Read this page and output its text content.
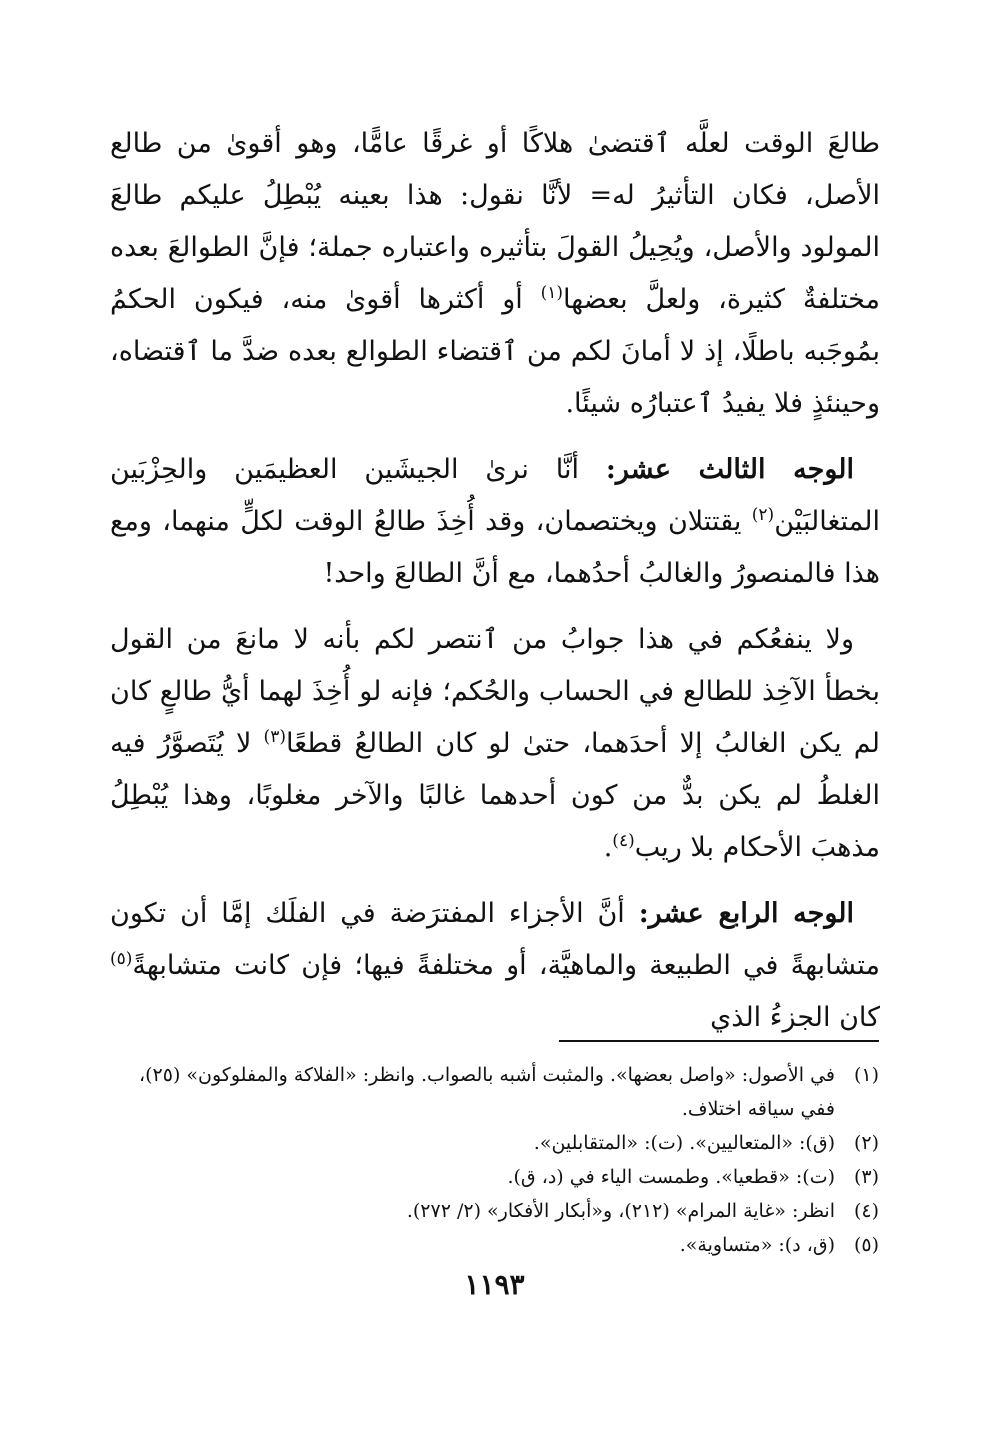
طالعَ الوقت لعلَّه ٱقتضىٰ هلاكًا أو غرقًا عامًّا، وهو أقوىٰ من طالع الأصل، فكان التأثيرُ له= لأنَّا نقول: هذا بعينه يُبْطِلُ عليكم طالعَ المولود والأصل، ويُحِيلُ القولَ بتأثيره واعتباره جملة؛ فإنَّ الطوالعَ بعده مختلفةٌ كثيرة، ولعلَّ بعضها$^{(١)}$ أو أكثرها أقوىٰ منه، فيكون الحكمُ بمُوجَبه باطلًا، إذ لا أمانَ لكم من ٱقتضاء الطوالع بعده ضدَّ ما ٱقتضاه، وحينئذٍ فلا يفيدُ ٱعتبارُه شيئًا.

الوجه الثالث عشر: أنَّا نرىٰ الجيشَين العظيمَين والحِزْبَين المتغالبَيْن$^{(٢)}$ يقتتلان ويختصمان، وقد أُخِذَ طالعُ الوقت لكلٍّ منهما، ومع هذا فالمنصورُ والغالبُ أحدُهما، مع أنَّ الطالعَ واحد!

ولا ينفعُكم في هذا جوابُ من ٱنتصر لكم بأنه لا مانعَ من القول بخطأ الآخِذ للطالع في الحساب والحُكم؛ فإنه لو أُخِذَ لهما أيُّ طالعٍ كان لم يكن الغالبُ إلا أحدَهما، حتىٰ لو كان الطالعُ قطعًا$^{(٣)}$ لا يُتَصوَّرُ فيه الغلطُ لم يكن بدٌّ من كون أحدهما غالبًا والآخر مغلوبًا، وهذا يُبْطِلُ مذهبَ الأحكام بلا ريب$^{(٤)}$.

الوجه الرابع عشر: أنَّ الأجزاء المفترَضة في الفلَك إمَّا أن تكون متشابهةً في الطبيعة والماهيَّة، أو مختلفةً فيها؛ فإن كانت متشابهةً$^{(٥)}$ كان الجزءُ الذي

(١)
في الأصول: «واصل بعضها». والمثبت أشبه بالصواب. وانظر: «الفلاكة والمفلوكون» (٢٥)، ففي سياقه اختلاف.
(٢)
(ق): «المتعاليين». (ت): «المتقابلين».
(٣)
(ت): «قطعيا». وطمست الياء في (د، ق).
(٤)
انظر: «غاية المرام» (٢١٢)، و«أبكار الأفكار» (٢/ ٢٧٢).
(٥)
(ق، د): «متساوية».
١١٩٣
